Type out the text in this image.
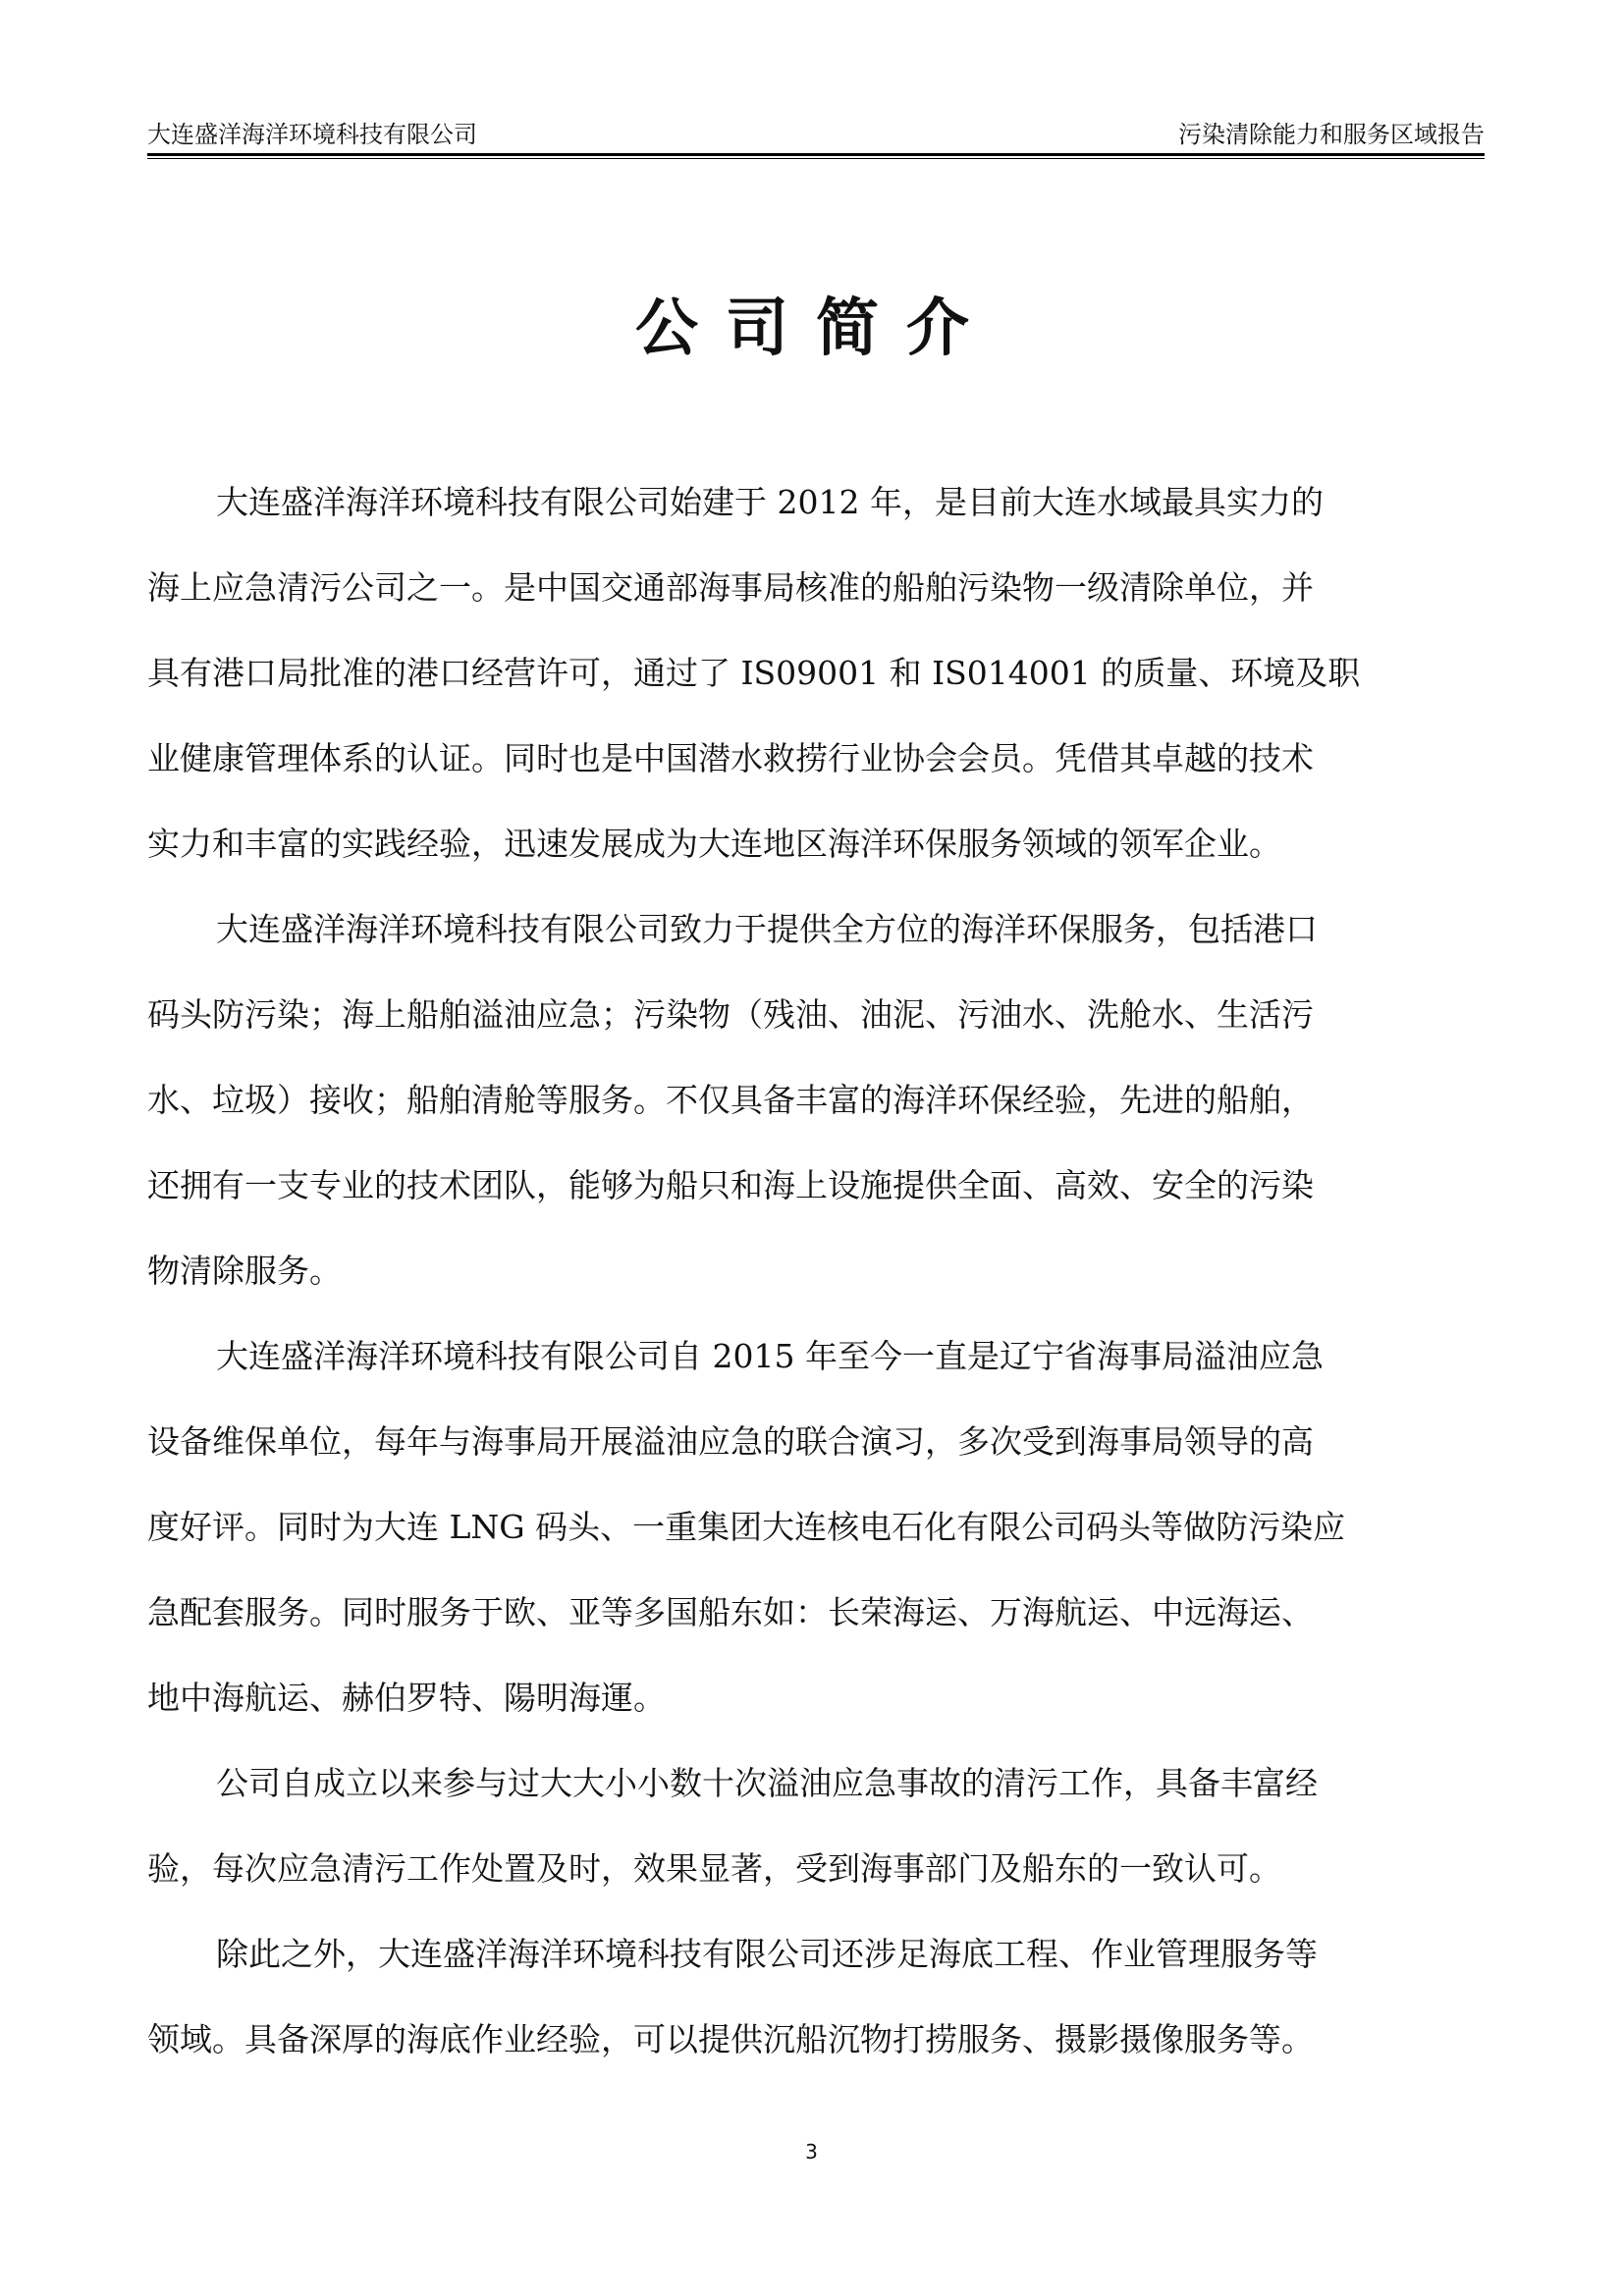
大连盛洋海洋环境科技有限公司	污染清除能力和服务区域报告
公司简介

大连盛洋海洋环境科技有限公司始建于 2012 年，是目前大连水域最具实力的
海上应急清污公司之一。是中国交通部海事局核准的船舶污染物一级清除单位，并
具有港口局批准的港口经营许可，通过了 IS09001 和 IS014001 的质量、环境及职
业健康管理体系的认证。同时也是中国潜水救捞行业协会会员。凭借其卓越的技术
实力和丰富的实践经验，迅速发展成为大连地区海洋环保服务领域的领军企业。

大连盛洋海洋环境科技有限公司致力于提供全方位的海洋环保服务，包括港口
码头防污染；海上船舶溢油应急；污染物（残油、油泥、污油水、洗舱水、生活污
水、垃圾）接收；船舶清舱等服务。不仅具备丰富的海洋环保经验，先进的船舶，
还拥有一支专业的技术团队，能够为船只和海上设施提供全面、高效、安全的污染
物清除服务。

大连盛洋海洋环境科技有限公司自 2015 年至今一直是辽宁省海事局溢油应急
设备维保单位，每年与海事局开展溢油应急的联合演习，多次受到海事局领导的高
度好评。同时为大连 LNG 码头、一重集团大连核电石化有限公司码头等做防污染应
急配套服务。同时服务于欧、亚等多国船东如：长荣海运、万海航运、中远海运、
地中海航运、赫伯罗特、陽明海運。

公司自成立以来参与过大大小小数十次溢油应急事故的清污工作，具备丰富经
验，每次应急清污工作处置及时，效果显著，受到海事部门及船东的一致认可。

除此之外，大连盛洋海洋环境科技有限公司还涉足海底工程、作业管理服务等
领域。具备深厚的海底作业经验，可以提供沉船沉物打捞服务、摄影摄像服务等。

3
